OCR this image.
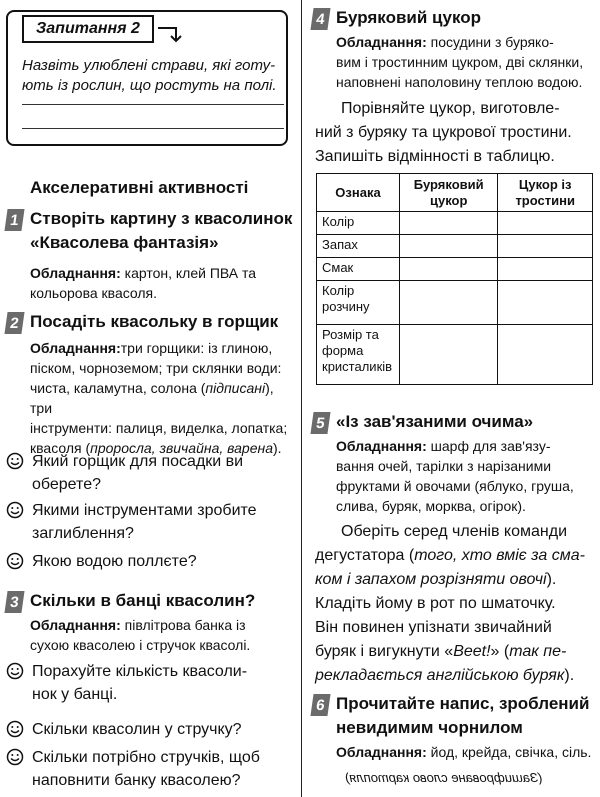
Запитання 2
Назвіть улюблені страви, які готу-
ють із рослин, що ростуть на полі.
Акселеративні активності
1 Створіть картину з квасолинок
«Квасолева фантазія»
Обладнання: картон, клей ПВА та
кольорова квасоля.
2 Посадіть квасольку в горщик
Обладнання:три горщики: із глиною,
піском, чорноземом; три склянки води:
чиста, каламутна, солона (підписані), три
інструменти: палиця, виделка, лопатка;
квасоля (проросла, звичайна, варена).
Який горщик для посадки ви
оберете?
Якими інструментами зробите
заглиблення?
Якою водою поллєте?
3 Скільки в банці квасолин?
Обладнання: півлітрова банка із
сухою квасолею і стручок квасолі.
Порахуйте кількість квасоли-
нок у банці.
Скільки квасолин у стручку?
Скільки потрібно стручків, щоб
наповнити банку квасолею?
4 Буряковий цукор
Обладнання: посудини з буряко-
вим і тростинним цукром, дві склянки,
наповнені наполовину теплою водою.
Порівняйте цукор, виготовле-
ний з буряку та цукрової тростини.
Запишіть відмінності в таблицю.
Ознака	Буряковий цукор	Цукор із тростини
Колір		
Запах		
Смак		
Колір розчину		
Розмір та форма кристаликів		
5 «Із зав'язаними очима»
Обладнання: шарф для зав'язу-
вання очей, тарілки з нарізаними
фруктами й овочами (яблуко, груша,
слива, буряк, морква, огірок).
Оберіть серед членів команди
дегустатора (того, хто вміє за сма-
ком і запахом розрізняти овочі).
Кладіть йому в рот по шматочку.
Він повинен упізнати звичайний
буряк і вигукнути «Beet!» (так пе-
рекладається англійською буряк).
6 Прочитайте напис, зроблений
невидимим чорнилом
Обладнання: йод, крейда, свічка, сіль.
(Зашифроване слово картопля)
